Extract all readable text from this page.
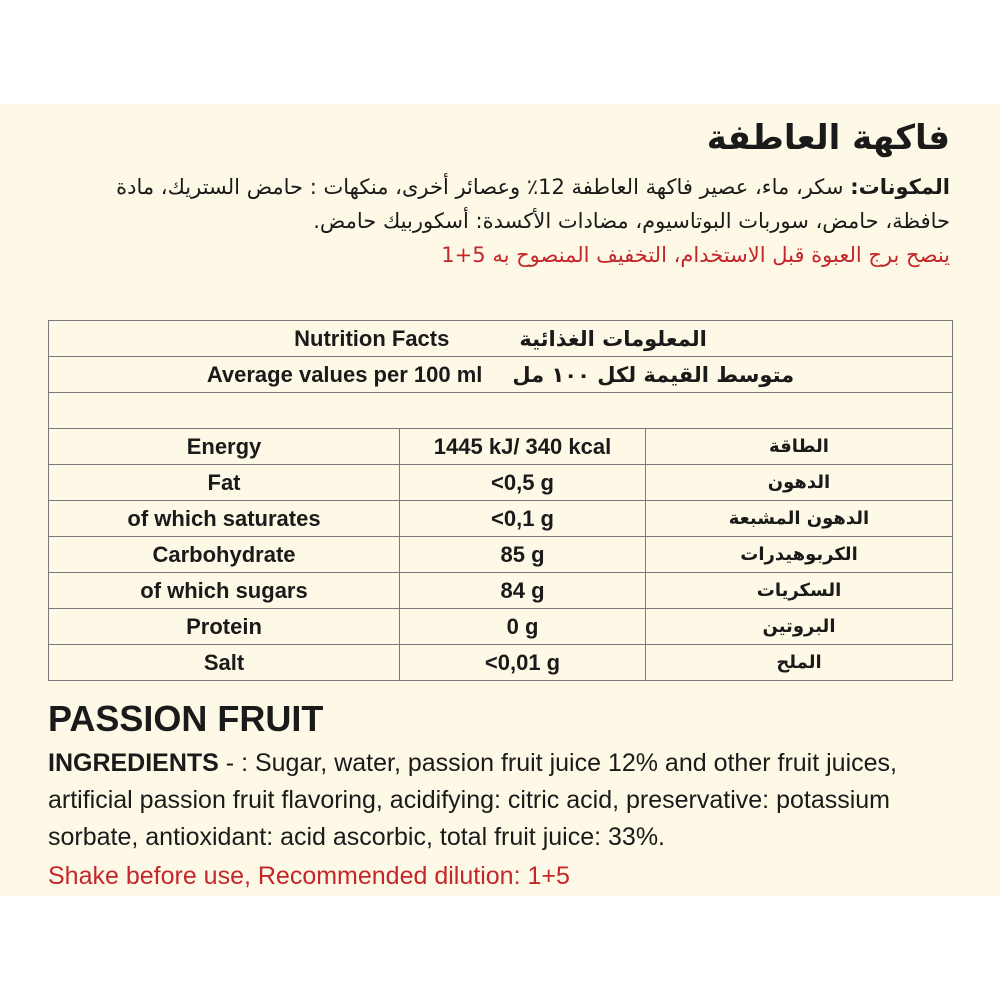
فاكهة العاطفة

المكونات: سكر، ماء، عصير فاكهة العاطفة 12٪ وعصائر أخرى، منكهات : حامض الستريك، مادة حافظة، حامض، سوربات البوتاسيوم، مضادات الأكسدة: أسكوربيك حامض.

ينصح برج العبوة قبل الاستخدام، التخفيف المنصوح به 5+1

Nutrition Facts المعلومات الغذائية		

Average values per 100 ml متوسط القيمة لكل ١٠٠ مل		

Energy	1445 kJ/ 340 kcal	الطاقة
Fat	<0,5 g	الدهون
of which saturates	<0,1 g	الدهون المشبعة
Carbohydrate	85 g	الكربوهيدرات
of which sugars	84 g	السكريات
Protein	0 g	البروتين
Salt	<0,01 g	الملح
PASSION FRUIT

INGREDIENTS - : Sugar, water, passion fruit juice 12% and other fruit juices, artificial passion fruit flavoring, acidifying: citric acid, preservative: potassium sorbate, antioxidant: acid ascorbic, total fruit juice: 33%.

Shake before use, Recommended dilution: 1+5
